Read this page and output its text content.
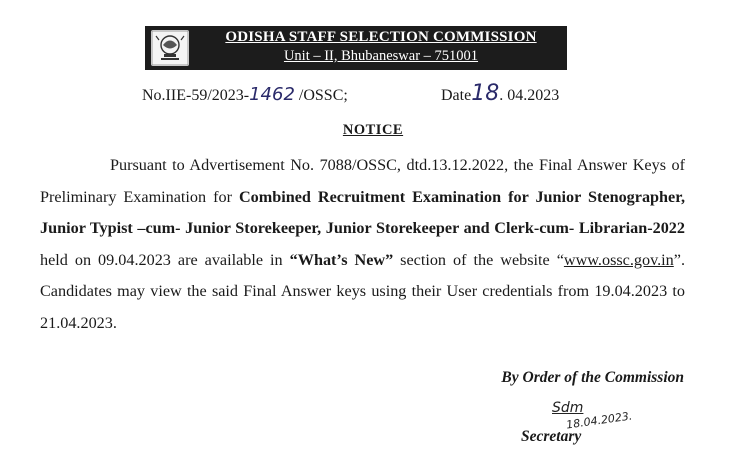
ODISHA STAFF SELECTION COMMISSION
Unit – II, Bhubaneswar – 751001
No.IIE-59/2023-1462 /OSSC;	Date18. 04.2023
NOTICE
Pursuant to Advertisement No. 7088/OSSC, dtd.13.12.2022, the Final Answer Keys of Preliminary Examination for Combined Recruitment Examination for Junior Stenographer, Junior Typist –cum- Junior Storekeeper, Junior Storekeeper and Clerk-cum- Librarian-2022 held on 09.04.2023 are available in “What’s New” section of the website “www.ossc.gov.in”. Candidates may view the said Final Answer keys using their User credentials from 19.04.2023 to 21.04.2023.
By Order of the Commission
Sdm
18.04.2023.
Secretary
